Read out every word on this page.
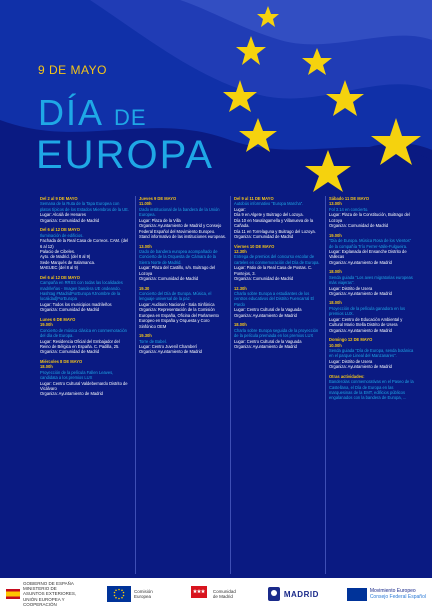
9 DE MAYO
DÍA DE
EUROPA
Del 2 al 9 DE MAYO
Semana de la Ruta de la Tapa Europea con platos típicos de los Estados Miembros de la UE.
Lugar: Alcalá de Henares
Organiza: Comunidad de Madrid
Del 6 al 12 DE MAYO
Iluminación de edificios.
Fachada de la Real Casa de Correos. CAM. (del 6 al 12)
Palacio de Cibeles.
Ayto. de Madrid. (del 8 al 9)
Sede Marqués de Salamanca.
MAEUEC (del 8 al 9)
Del 6 al 12 DE MAYO
Campaña en RRSS con todas las localidades madrileñas - Imagen bandera UE ondeando. Hashtag #MadridPorEuropa #Jnombre de la localidad]PorEuropa
Lugar: Todos los municipios madrileños
Organiza: Comunidad de Madrid
Lunes 6 DE MAYO
19.00h
Concierto de música clásica en conmemoración del día de Europa.
Lugar: Residencia Oficial del Embajador del Reino de Bélgica en España. C. Padilla, 25.
Organiza: Comunidad de Madrid
Miércoles 8 DE MAYO
18.00h
Proyección de la película Fallen Leaves, candidata a los premios LUX
Lugar: Centro Cultural Valdebernardo Distrito de Vicálvaro
Organiza: Ayuntamiento de Madrid
Jueves 9 DE MAYO
11.00h
Izado institucional de la bandera de la Unión Europea.
Lugar: Plaza de la Villa
Organiza: Ayuntamiento de Madrid y Consejo Federal Español del Movimiento Europeo.
Stand informativo de las instituciones europeas.
13.00h
Izado de bandera europea acompañado de Concierto de la Orquesta de Cámara de la Sierra Norte de Madrid.
Lugar: Plaza del Castillo, s/n. Buitrago del Lozoya
Organiza: Comunidad de Madrid
19.30
Concierto del Día de Europa. Música, el lenguaje universal de la paz.
Lugar: Auditorio Nacional - Sala Sinfónica
Organiza: Representación de la Comisión Europea en España, Oficina del Parlamento Europeo en España y Orquesta y Coro Sinfónico OEM
19.30h
Torre de Babel.
Lugar: Centro Juvenil Chamberí
Organiza: Ayuntamiento de Madrid
Del 9 al 11 DE MAYO
Autobús informativo "Europa Marcha".
Lugar:
Día 9 en Algete y Buitrago del Lozoya.
Día 10 en Navalagamella y Villanueva de la Cañada.
Día 11 en Torrelaguna y Buitrago del Lozoya.
Organiza: Comunidad de Madrid
Viernes 10 DE MAYO
12.30h
Entrega de premios del concurso escolar de carteles en conmemoración del Día de Europa.
Lugar: Patio de la Real Casa de Postas. C. Pontejos, 3.
Organiza: Comunidad de Madrid
12.30h
Charla sobre Europa a estudiantes de los centros educativos del Distrito Fuencarral El Pardo
Lugar: Centro Cultural de la Vaguada
Organiza: Ayuntamiento de Madrid
18.00h
Charla sobre Europa seguida de la proyección de la película premiada en los premios LUX
Lugar: Centro Cultural de la Vaguada
Organiza: Ayuntamiento de Madrid
Sábado 11 DE MAYO
13.00h
Fol 3.14 en concierto.
Lugar: Plaza de la Constitución, Buitrago del Lozoya
Organiza: Comunidad de Madrid
19.00h
"Día de Europa. Música Rosa de los Vientos" de la compañía Trío Ferrer-Valle-Fulgueira.
Lugar: Explanada del Ensanche Distrito de Vallecas
Organiza: Ayuntamiento de Madrid
18.00h
Senda guiada "Los aves migratorias europeas más viajeras".
Lugar: Distrito de Usera
Organiza: Ayuntamiento de Madrid
18.00h
Proyección de la película ganadora en los premios LUX.
Lugar: Centro de Educación Ambiental y Cultural Mario Stella Distrito de Usera
Organiza: Ayuntamiento de Madrid
Domingo 12 DE MAYO
10.00h
Senda guiada "Día de Europa, senda botánica en el parque Lineal del Manzanares".
Lugar: Distrito de Usera
Organiza: Ayuntamiento de Madrid
Otras actividades:
Banderolas conmemorativas en el Paseo de la Castellana, el Día de Europa en las marquesinas de la EMT, edificios públicos engalanados con la bandera de Europa, ...
GOBIERNO DE ESPAÑA
MINISTERIO DE ASUNTOS EXTERIORES, UNIÓN EUROPEA Y COOPERACIÓN
Comisión Europea
Comunidad de Madrid	MADRID	Movimiento Europeo
Consejo Federal Español
